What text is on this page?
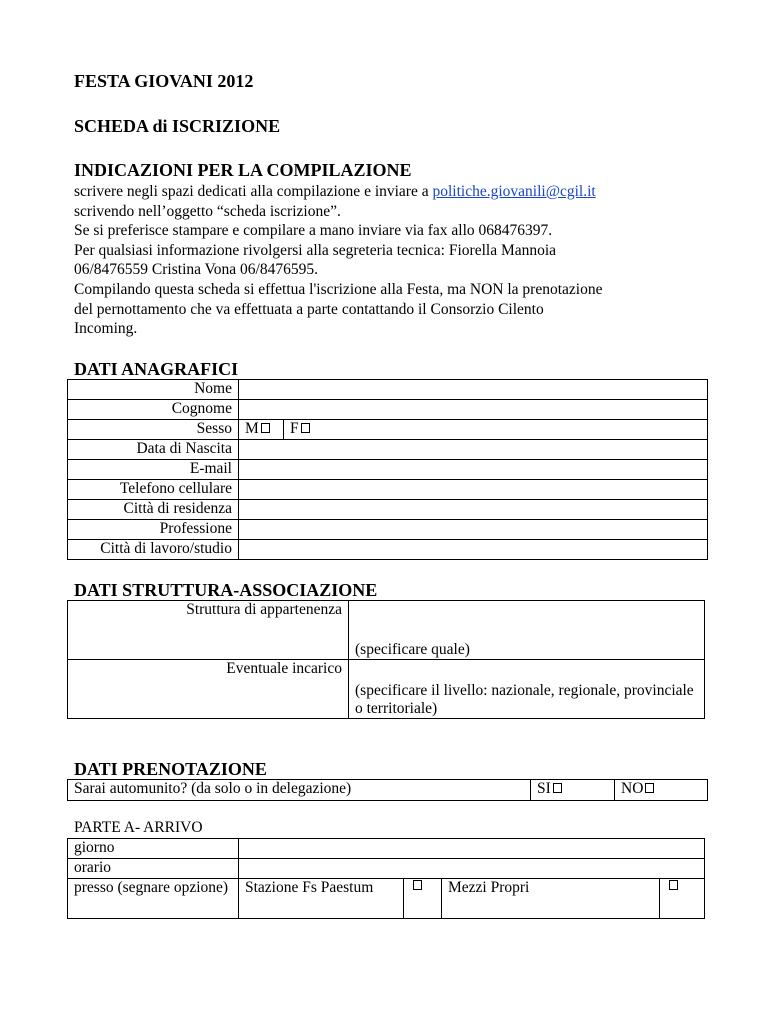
FESTA GIOVANI 2012
SCHEDA di ISCRIZIONE
INDICAZIONI PER LA COMPILAZIONE
scrivere negli spazi dedicati alla compilazione e inviare a politiche.giovanili@cgil.it
scrivendo nell’oggetto “scheda iscrizione”.
Se si preferisce stampare e compilare a mano inviare via fax allo 068476397.
Per qualsiasi informazione rivolgersi alla segreteria tecnica: Fiorella Mannoia
06/8476559 Cristina Vona 06/8476595.
Compilando questa scheda si effettua l'iscrizione alla Festa, ma NON la prenotazione
del pernottamento che va effettuata a parte contattando il Consorzio Cilento
Incoming.
DATI ANAGRAFICI
Nome		
Cognome		
Sesso	M	F
Data di Nascita		
E-mail		
Telefono cellulare		
Città di residenza		
Professione		
Città di lavoro/studio		
DATI STRUTTURA-ASSOCIAZIONE
Struttura di appartenenza	(specificare quale)
Eventuale incarico	(specificare il livello: nazionale, regionale, provinciale o territoriale)
DATI PRENOTAZIONE
Sarai automunito? (da solo o in delegazione)	SI	NO
PARTE A- ARRIVO
giorno				
orario				
presso (segnare opzione)	Stazione Fs Paestum		Mezzi Propri	
